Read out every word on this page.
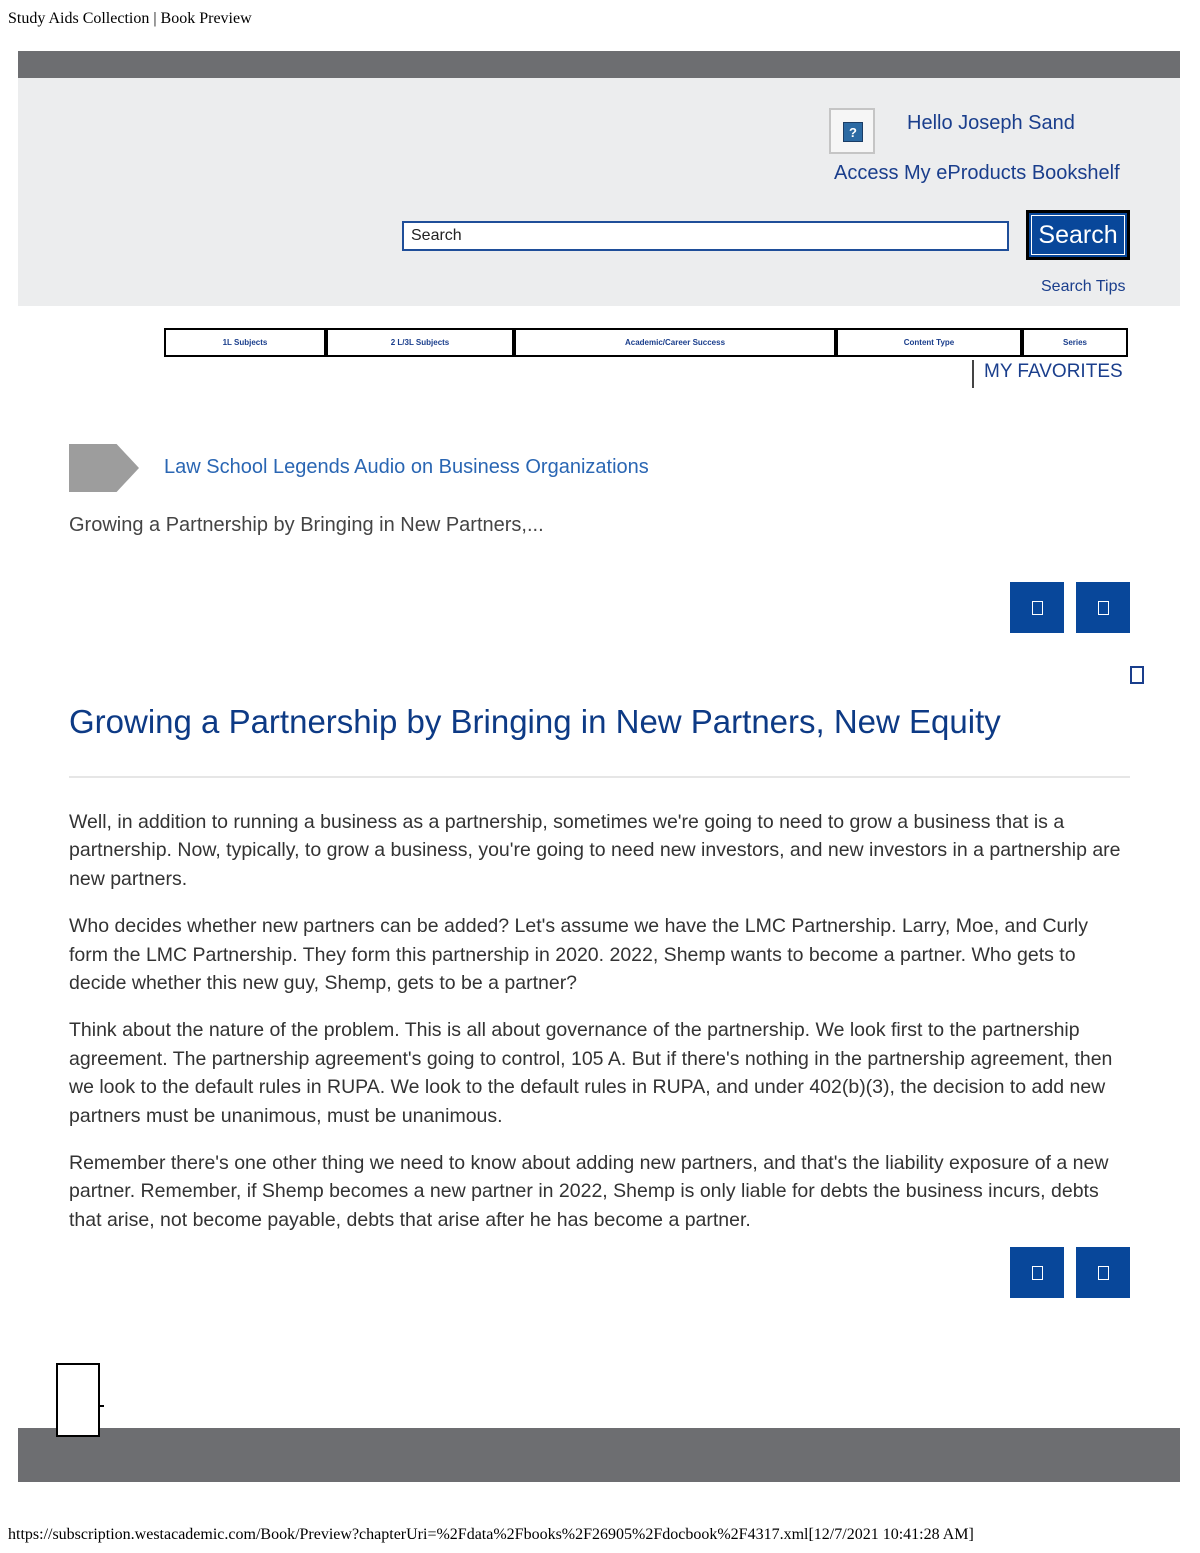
Study Aids Collection | Book Preview
?	Hello Joseph Sand
Access My eProducts Bookshelf
Search
Search
Search Tips
1L Subjects	2 L/3L Subjects	Academic/Career Success	Content Type	Series
MY FAVORITES
Law School Legends Audio on Business Organizations
Growing a Partnership by Bringing in New Partners,...
Growing a Partnership by Bringing in New Partners, New Equity

Well, in addition to running a business as a partnership, sometimes we're going to need to grow a business that is a partnership. Now, typically, to grow a business, you're going to need new investors, and new investors in a partnership are new partners.

Who decides whether new partners can be added? Let's assume we have the LMC Partnership. Larry, Moe, and Curly form the LMC Partnership. They form this partnership in 2020. 2022, Shemp wants to become a partner. Who gets to decide whether this new guy, Shemp, gets to be a partner?

Think about the nature of the problem. This is all about governance of the partnership. We look first to the partnership agreement. The partnership agreement's going to control, 105 A. But if there's nothing in the partnership agreement, then we look to the default rules in RUPA. We look to the default rules in RUPA, and under 402(b)(3), the decision to add new partners must be unanimous, must be unanimous.

Remember there's one other thing we need to know about adding new partners, and that's the liability exposure of a new partner. Remember, if Shemp becomes a new partner in 2022, Shemp is only liable for debts the business incurs, debts that arise, not become payable, debts that arise after he has become a partner.

https://subscription.westacademic.com/Book/Preview?chapterUri=%2Fdata%2Fbooks%2F26905%2Fdocbook%2F4317.xml[12/7/2021 10:41:28 AM]
